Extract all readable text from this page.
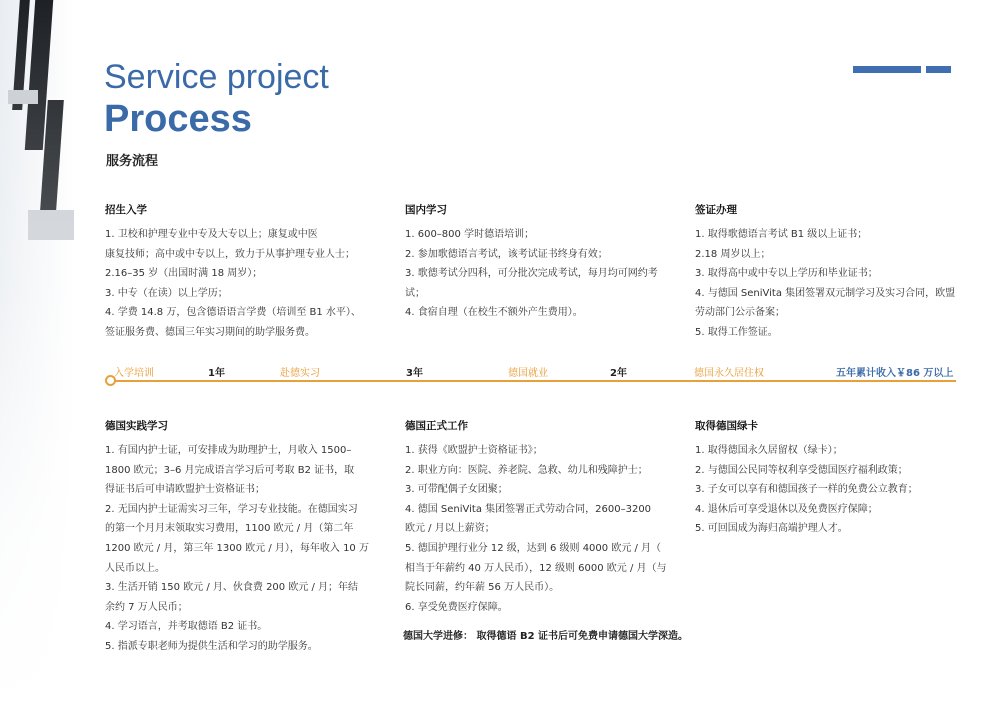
Service project
Process
服务流程
招生入学
1. 卫校和护理专业中专及大专以上；康复或中医
康复技师；高中或中专以上，致力于从事护理专业人士；
2.16–35 岁（出国时满 18 周岁）；
3. 中专（在读）以上学历；
4. 学费 14.8 万，包含德语语言学费（培训至 B1 水平）、
签证服务费、德国三年实习期间的助学服务费。
国内学习
1. 600–800 学时德语培训；
2. 参加歌德语言考试，该考试证书终身有效；
3. 歌德考试分四科，可分批次完成考试，每月均可网约考
试；
4. 食宿自理（在校生不额外产生费用）。
签证办理
1. 取得歌德语言考试 B1 级以上证书；
2.18 周岁以上；
3. 取得高中或中专以上学历和毕业证书；
4. 与德国 SeniVita 集团签署双元制学习及实习合同，欧盟
劳动部门公示备案；
5. 取得工作签证。
入学培训	1年	赴德实习	3年	德国就业	2年	德国永久居住权	五年累计收入￥86 万以上
德国实践学习
1. 有国内护士证，可安排成为助理护士，月收入 1500–
1800 欧元；3–6 月完成语言学习后可考取 B2 证书，取
得证书后可申请欧盟护士资格证书；
2. 无国内护士证需实习三年，学习专业技能。在德国实习
的第一个月月末领取实习费用，1100 欧元 / 月（第二年
1200 欧元 / 月，第三年 1300 欧元 / 月），每年收入 10 万
人民币以上。
3. 生活开销 150 欧元 / 月、伙食费 200 欧元 / 月；年结
余约 7 万人民币；
4. 学习语言，并考取德语 B2 证书。
5. 指派专职老师为提供生活和学习的助学服务。
德国正式工作
1. 获得《欧盟护士资格证书》；
2. 职业方向：医院、养老院、急救、幼儿和残障护士；
3. 可带配偶子女团聚；
4. 德国 SeniVita 集团签署正式劳动合同，2600–3200
欧元 / 月以上薪资；
5. 德国护理行业分 12 级，达到 6 级则 4000 欧元 / 月（
相当于年薪约 40 万人民币），12 级则 6000 欧元 / 月（与
院长同薪，约年薪 56 万人民币）。
6. 享受免费医疗保障。
取得德国绿卡
1. 取得德国永久居留权（绿卡）；
2. 与德国公民同等权利享受德国医疗福利政策；
3. 子女可以享有和德国孩子一样的免费公立教育；
4. 退休后可享受退休以及免费医疗保障；
5. 可回国成为海归高端护理人才。
德国大学进修： 取得德语 B2 证书后可免费申请德国大学深造。
